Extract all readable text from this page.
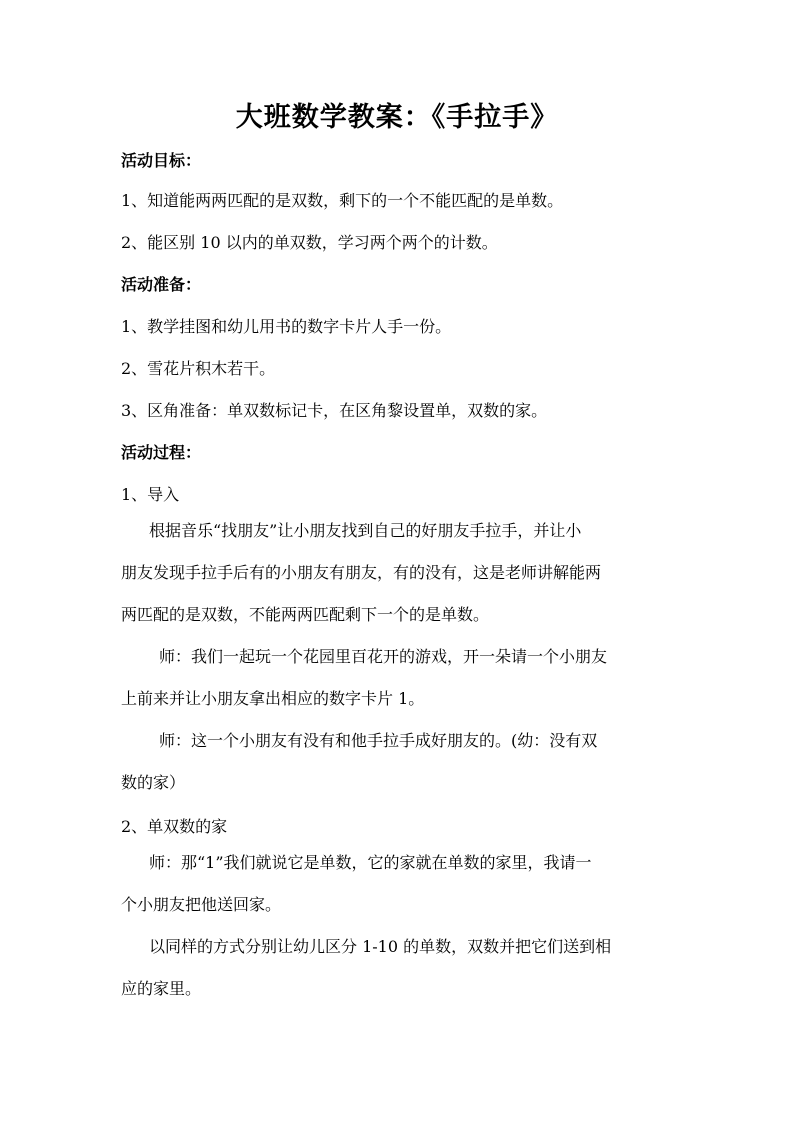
大班数学教案：《手拉手》
活动目标：
1、知道能两两匹配的是双数，剩下的一个不能匹配的是单数。
2、能区别 10 以内的单双数，学习两个两个的计数。
活动准备：
1、教学挂图和幼儿用书的数字卡片人手一份。
2、雪花片积木若干。
3、区角准备：单双数标记卡，在区角黎设置单，双数的家。
活动过程：
1、导入
根据音乐“找朋友”让小朋友找到自己的好朋友手拉手，并让小
朋友发现手拉手后有的小朋友有朋友，有的没有，这是老师讲解能两
两匹配的是双数，不能两两匹配剩下一个的是单数。
师：我们一起玩一个花园里百花开的游戏，开一朵请一个小朋友
上前来并让小朋友拿出相应的数字卡片 1。
师：这一个小朋友有没有和他手拉手成好朋友的。(幼：没有双
数的家）
2、单双数的家
师：那“1”我们就说它是单数，它的家就在单数的家里，我请一
个小朋友把他送回家。
以同样的方式分别让幼儿区分 1-10 的单数，双数并把它们送到相
应的家里。
